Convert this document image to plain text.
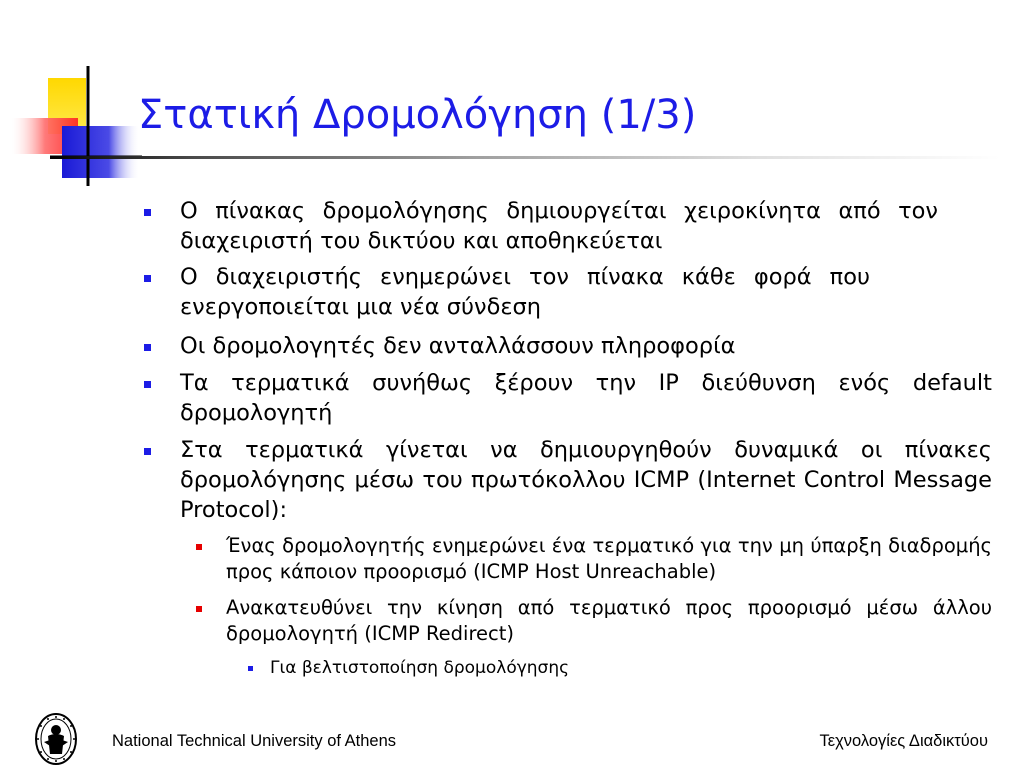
Στατική Δρομολόγηση (1/3)
Ο πίνακας δρομολόγησης δημιουργείται χειροκίνητα από τον διαχειριστή του δικτύου και αποθηκεύεται
Ο διαχειριστής ενημερώνει τον πίνακα κάθε φορά που ενεργοποιείται μια νέα σύνδεση
Οι δρομολογητές δεν ανταλλάσσουν πληροφορία
Τα τερματικά συνήθως ξέρουν την IP διεύθυνση ενός default δρομολογητή
Στα τερματικά γίνεται να δημιουργηθούν δυναμικά οι πίνακες δρομολόγησης μέσω του πρωτόκολλου ICMP (Internet Control Message Protocol):
Ένας δρομολογητής ενημερώνει ένα τερματικό για την μη ύπαρξη διαδρομής προς κάποιον προορισμό (ICMP Host Unreachable)
Ανακατευθύνει την κίνηση από τερματικό προς προορισμό μέσω άλλου δρομολογητή (ICMP Redirect)
Για βελτιστοποίηση δρομολόγησης
National Technical University of Athens	Τεχνολογίες Διαδικτύου
